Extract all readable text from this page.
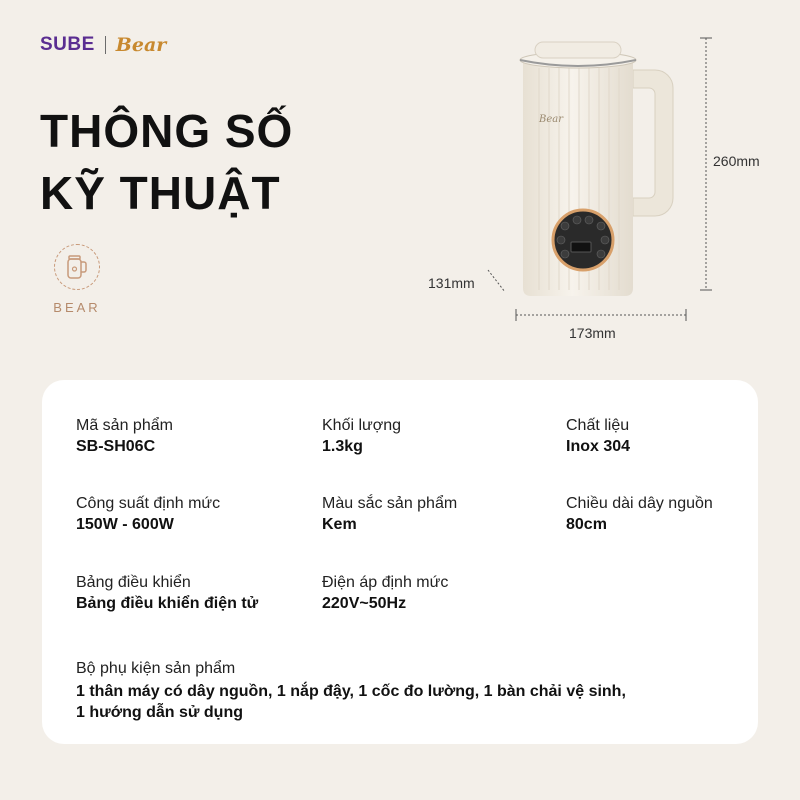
SUBE Bear
THÔNG SỐ
KỸ THUẬT
BEAR
Bear
260mm
131mm
173mm
Mã sản phẩm
SB-SH06C
Khối lượng
1.3kg
Chất liệu
Inox 304
Công suất định mức
150W - 600W
Màu sắc sản phẩm
Kem
Chiều dài dây nguồn
80cm
Bảng điều khiển
Bảng điều khiển điện tử
Điện áp định mức
220V~50Hz
Bộ phụ kiện sản phẩm
1 thân máy có dây nguồn, 1 nắp đậy, 1 cốc đo lường, 1 bàn chải vệ sinh,
1 hướng dẫn sử dụng
